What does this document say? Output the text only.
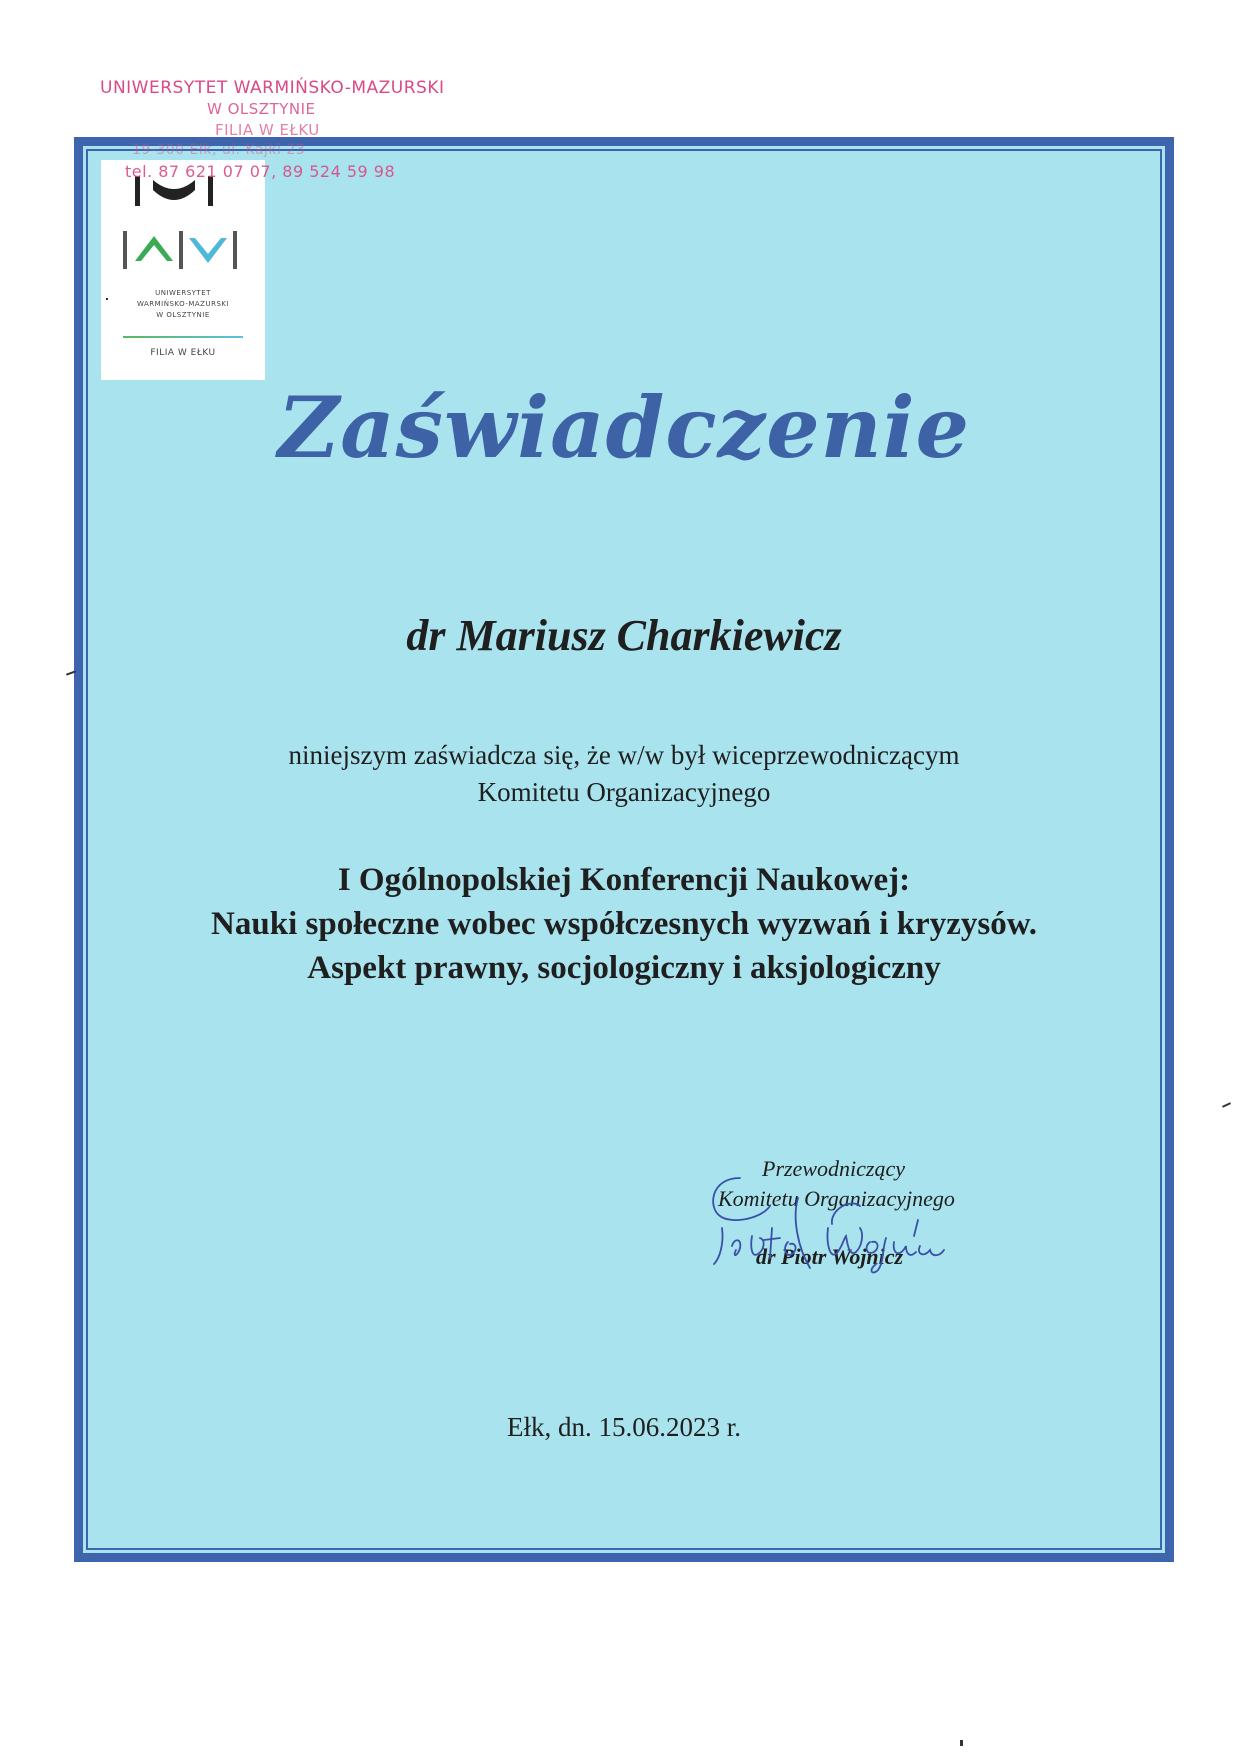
UNIWERSYTET
WARMIŃSKO-MAZURSKI
W OLSZTYNIE
FILIA W EŁKU
UNIWERSYTET WARMIŃSKO-MAZURSKI
W OLSZTYNIE
FILIA W EŁKU
19-300 Ełk, ul. Kajki 23
tel. 87 621 07 07, 89 524 59 98
Zaświadczenie
dr Mariusz Charkiewicz
niniejszym zaświadcza się, że w/w był wiceprzewodniczącym
Komitetu Organizacyjnego
I Ogólnopolskiej Konferencji Naukowej:
Nauki społeczne wobec współczesnych wyzwań i kryzysów.
Aspekt prawny, socjologiczny i aksjologiczny
Przewodniczący
Komitetu Organizacyjnego
dr Piotr Wojnicz
Ełk, dn. 15.06.2023 r.
